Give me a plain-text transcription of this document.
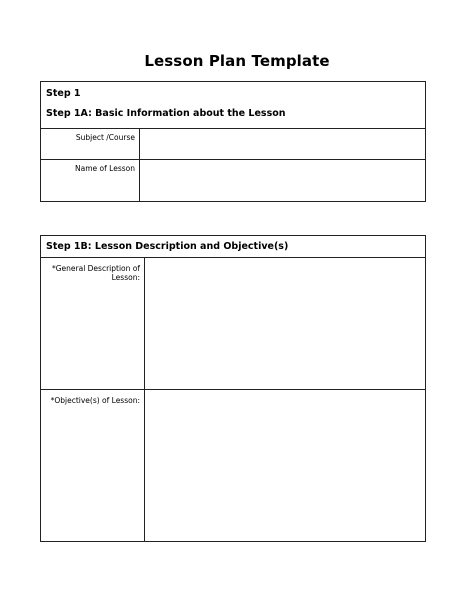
Lesson Plan Template
Step 1
Step 1A: Basic Information about the Lesson	

Subject /Course	
Name of Lesson	
Step 1B: Lesson Description and Objective(s)	
*General Description of Lesson:	
*Objective(s) of Lesson:	
